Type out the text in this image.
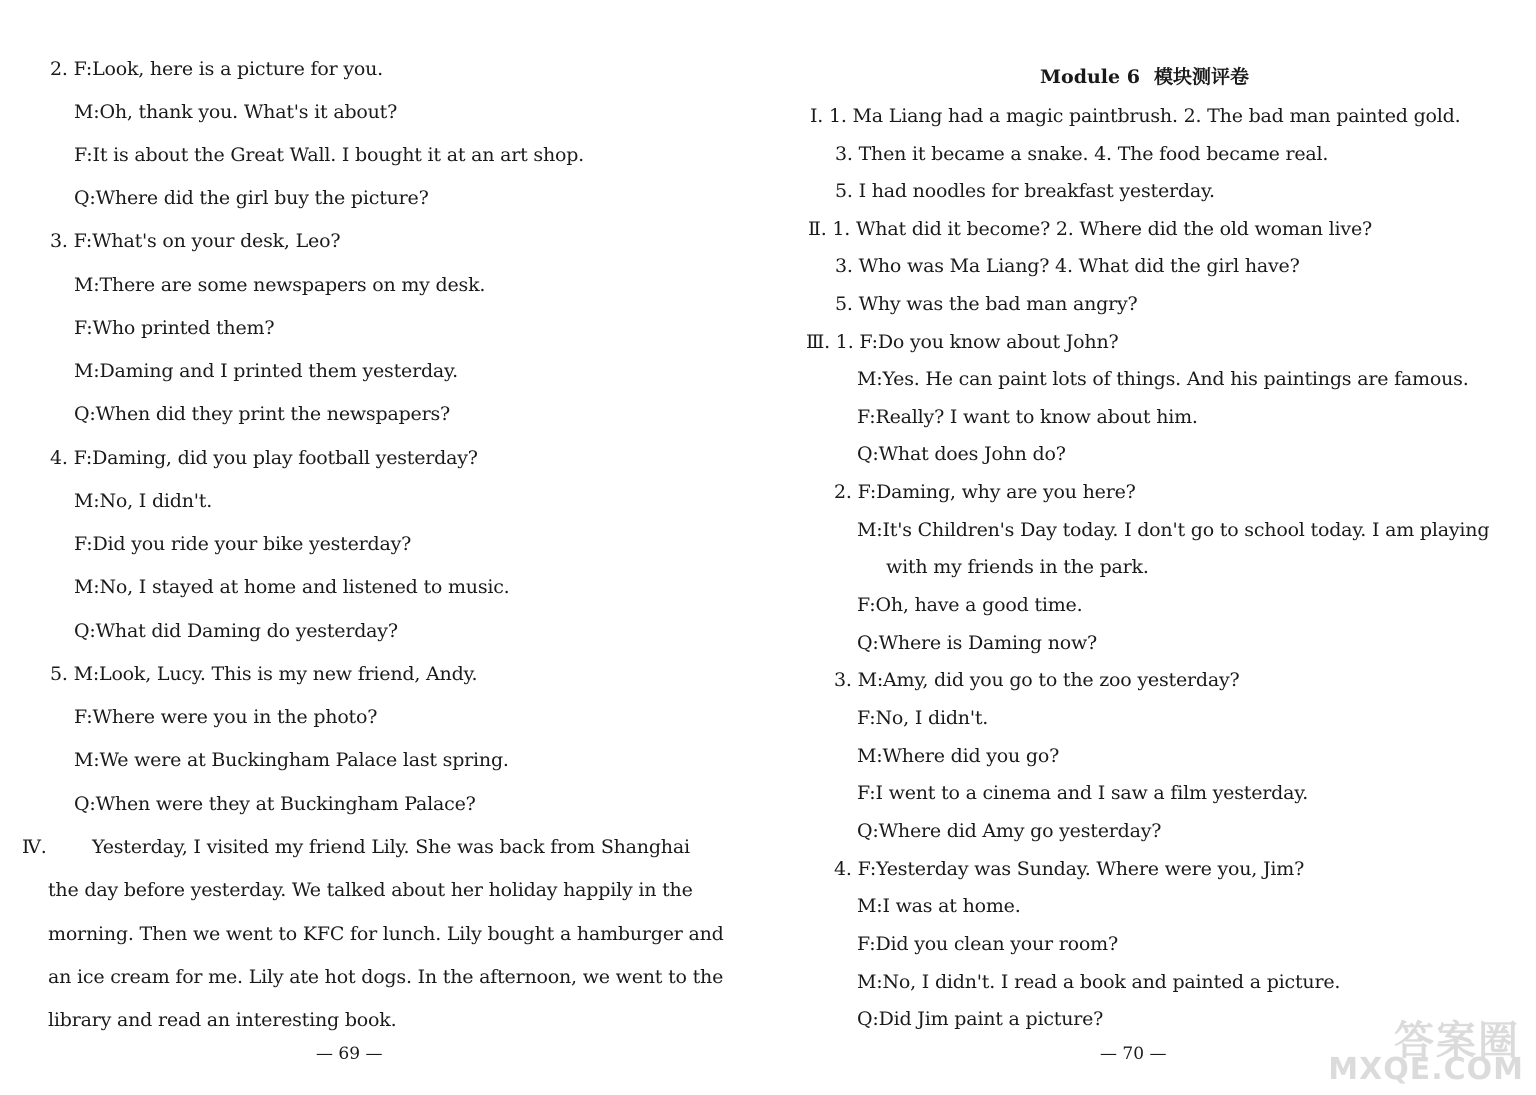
2. F:Look, here is a picture for you.
M:Oh, thank you. What's it about?
F:It is about the Great Wall. I bought it at an art shop.
Q:Where did the girl buy the picture?
3. F:What's on your desk, Leo?
M:There are some newspapers on my desk.
F:Who printed them?
M:Daming and I printed them yesterday.
Q:When did they print the newspapers?
4. F:Daming, did you play football yesterday?
M:No, I didn't.
F:Did you ride your bike yesterday?
M:No, I stayed at home and listened to music.
Q:What did Daming do yesterday?
5. M:Look, Lucy. This is my new friend, Andy.
F:Where were you in the photo?
M:We were at Buckingham Palace last spring.
Q:When were they at Buckingham Palace?
Ⅳ. Yesterday, I visited my friend Lily. She was back from Shanghai
the day before yesterday. We talked about her holiday happily in the
morning. Then we went to KFC for lunch. Lily bought a hamburger and
an ice cream for me. Lily ate hot dogs. In the afternoon, we went to the
library and read an interesting book.
— 69 —
Module 6 模块测评卷
Ⅰ. 1. Ma Liang had a magic paintbrush. 2. The bad man painted gold.
3. Then it became a snake. 4. The food became real.
5. I had noodles for breakfast yesterday.
Ⅱ. 1. What did it become? 2. Where did the old woman live?
3. Who was Ma Liang? 4. What did the girl have?
5. Why was the bad man angry?
Ⅲ. 1. F:Do you know about John?
M:Yes. He can paint lots of things. And his paintings are famous.
F:Really? I want to know about him.
Q:What does John do?
2. F:Daming, why are you here?
M:It's Children's Day today. I don't go to school today. I am playing
with my friends in the park.
F:Oh, have a good time.
Q:Where is Daming now?
3. M:Amy, did you go to the zoo yesterday?
F:No, I didn't.
M:Where did you go?
F:I went to a cinema and I saw a film yesterday.
Q:Where did Amy go yesterday?
4. F:Yesterday was Sunday. Where were you, Jim?
M:I was at home.
F:Did you clean your room?
M:No, I didn't. I read a book and painted a picture.
Q:Did Jim paint a picture?
— 70 —	答案圈
MXQE.COM
